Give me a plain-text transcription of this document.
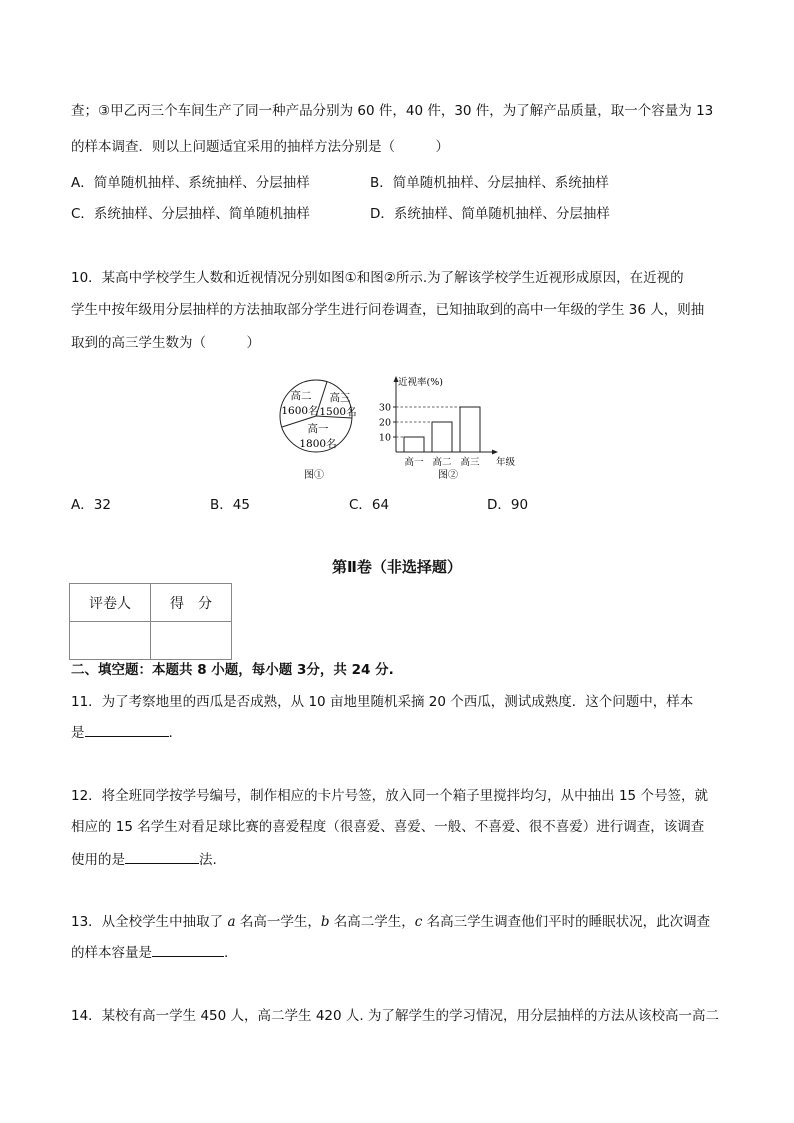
查；③甲乙丙三个车间生产了同一种产品分别为 60 件，40 件，30 件，为了解产品质量，取一个容量为 13
的样本调查．则以上问题适宜采用的抽样方法分别是（　　　）
A．简单随机抽样、系统抽样、分层抽样	B．简单随机抽样、分层抽样、系统抽样
C．系统抽样、分层抽样、简单随机抽样	D．系统抽样、简单随机抽样、分层抽样
10．某高中学校学生人数和近视情况分别如图①和图②所示.为了解该学校学生近视形成原因，在近视的
学生中按年级用分层抽样的方法抽取部分学生进行问卷调查，已知抽取到的高中一年级的学生 36 人，则抽
取到的高三学生数为（　　　）
高二
1600名
高三
1500名
高一
1800名
图①
近视率(%)
年级
图②
10
20
30
高一 高二 高三
A．32	B．45	C．64	D．90
第Ⅱ卷（非选择题）
评卷人	得　分

二、填空题：本题共 8 小题，每小题 3分，共 24 分.
11．为了考察地里的西瓜是否成熟，从 10 亩地里随机采摘 20 个西瓜，测试成熟度．这个问题中，样本
是	.
12．将全班同学按学号编号，制作相应的卡片号签，放入同一个箱子里搅拌均匀，从中抽出 15 个号签，就
相应的 15 名学生对看足球比赛的喜爱程度（很喜爱、喜爱、一般、不喜爱、很不喜爱）进行调查，该调查
使用的是	法.
13．从全校学生中抽取了 a 名高一学生，b 名高二学生，c 名高三学生调查他们平时的睡眠状况，此次调查
的样本容量是	.
14．某校有高一学生 450 人，高二学生 420 人. 为了解学生的学习情况，用分层抽样的方法从该校高一高二
